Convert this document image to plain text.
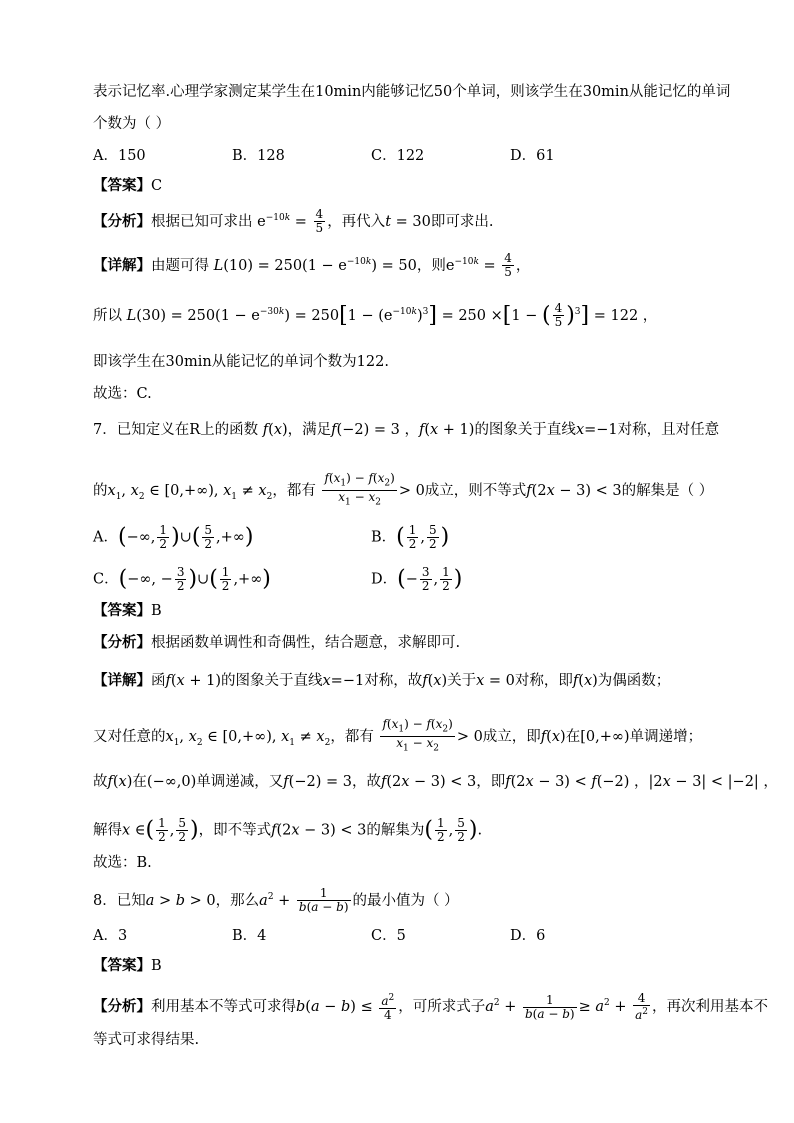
表示记忆率.心理学家测定某学生在10min内能够记忆50个单词，则该学生在30min从能记忆的单词
个数为（ ）
A．150	B．128	C．122	D．61
【答案】C
【分析】根据已知可求出 $e^{-10k} = \frac{4}{5}$ ，再代入t = 30即可求出.
【详解】由题可得 $L(10) = 250(1 - e^{-10k}) = 50$，则$e^{-10k} = \frac{4}{5}$ ，
所以 $L(30) = 250(1 - e^{-30k}) = 250[1 - (e^{-10k})^3] = 250 \times[1$ − ( $\frac{4}{5} )^3] = 122$ ，
即该学生在30min从能记忆的单词个数为122.
故选：C.
7．已知定义在R上的函数 f(x)，满足f(−2) = 3 ，f(x + 1)的图象关于直线x=−1对称，且对任意
的$x_1$, $x_2$ ∈ [0,+∞), $x_1 \ne x_2$，都有 $\frac{f(x_1) - f(x_2)}{x_1 - x_2} > 0$成立，则不等式f(2x − 3) < 3的解集是（ ）
A．(−∞, $\frac{1}{2}$ )∪( $\frac{5}{2}$ ,+∞)	B．( $\frac{1}{2}$ , $\frac{5}{2}$ )
C．(−∞, − $\frac{3}{2}$ )∪( $\frac{1}{2}$ ,+∞)	D．(− $\frac{3}{2}$ , $\frac{1}{2}$ )
【答案】B
【分析】根据函数单调性和奇偶性，结合题意，求解即可.
【详解】函f(x + 1)的图象关于直线x=−1对称，故f(x)关于x = 0对称，即f(x)为偶函数；
又对任意的$x_1$, $x_2$ ∈ [0,+∞), $x_1 \ne x_2$，都有 $\frac{f(x_1) - f(x_2)}{x_1 - x_2} > 0$成立，即f(x)在[0,+∞)单调递增；
故f(x)在(−∞,0)单调递减，又f(−2) = 3，故f(2x − 3) < 3，即f(2x − 3) < f(−2) ，|2x − 3| < |−2| ，
解得x ∈( $\frac{1}{2}$ , $\frac{5}{2}$ )，即不等式f(2x − 3) < 3的解集为( $\frac{1}{2}$ , $\frac{5}{2}$ ).
故选：B.
8．已知a > b > 0，那么$a^2 + \frac{1}{b(a - b)}$ 的最小值为（ ）
A．3	B．4	C．5	D．6
【答案】B
【分析】利用基本不等式可求得$b(a - b) \le \frac{a^2}{4}$ ，可所求式子$a^2 + \frac{1}{b(a - b)} \ge a^2 + \frac{4}{a^2}$ ，再次利用基本不
等式可求得结果.
